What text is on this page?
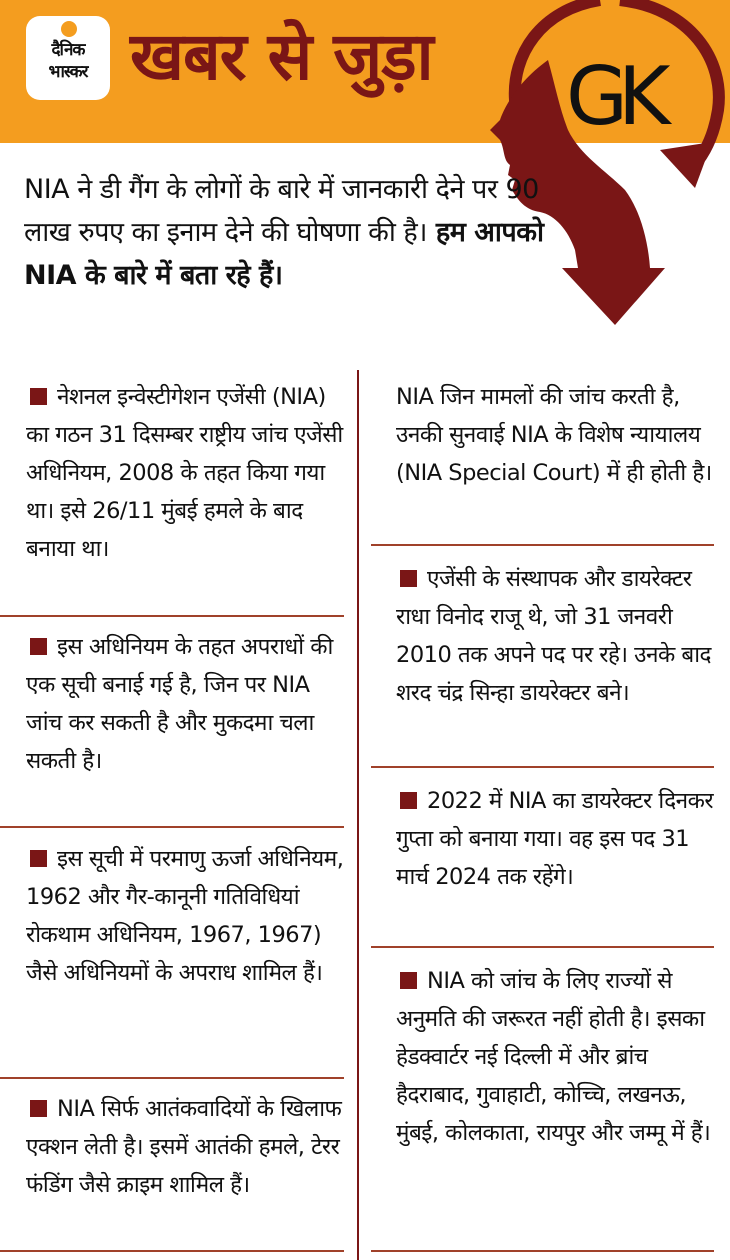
दैनिक
भास्कर खबर से जुड़ा GK
NIA ने डी गैंग के लोगों के बारे में जानकारी देने पर 90 लाख रुपए का इनाम देने की घोषणा की है। हम आपको NIA के बारे में बता रहे हैं।
नेशनल इन्वेस्टीगेशन एजेंसी (NIA) का गठन 31 दिसम्बर राष्ट्रीय जांच एजेंसी अधिनियम, 2008 के तहत किया गया था। इसे 26/11 मुंबई हमले के बाद बनाया था।
इस अधिनियम के तहत अपराधों की एक सूची बनाई गई है, जिन पर NIA जांच कर सकती है और मुकदमा चला सकती है।
इस सूची में परमाणु ऊर्जा अधिनियम, 1962 और गैर-कानूनी गतिविधियां रोकथाम अधिनियम, 1967, 1967) जैसे अधिनियमों के अपराध शामिल हैं।
NIA सिर्फ आतंकवादियों के खिलाफ एक्शन लेती है। इसमें आतंकी हमले, टेरर फंडिंग जैसे क्राइम शामिल हैं।
NIA जिन मामलों की जांच करती है, उनकी सुनवाई NIA के विशेष न्यायालय (NIA Special Court) में ही होती है।
एजेंसी के संस्थापक और डायरेक्टर राधा विनोद राजू थे, जो 31 जनवरी 2010 तक अपने पद पर रहे। उनके बाद शरद चंद्र सिन्हा डायरेक्टर बने।
2022 में NIA का डायरेक्टर दिनकर गुप्ता को बनाया गया। वह इस पद 31 मार्च 2024 तक रहेंगे।
NIA को जांच के लिए राज्यों से अनुमति की जरूरत नहीं होती है। इसका हेडक्वार्टर नई दिल्ली में और ब्रांच हैदराबाद, गुवाहाटी, कोच्चि, लखनऊ, मुंबई, कोलकाता, रायपुर और जम्मू में हैं।
